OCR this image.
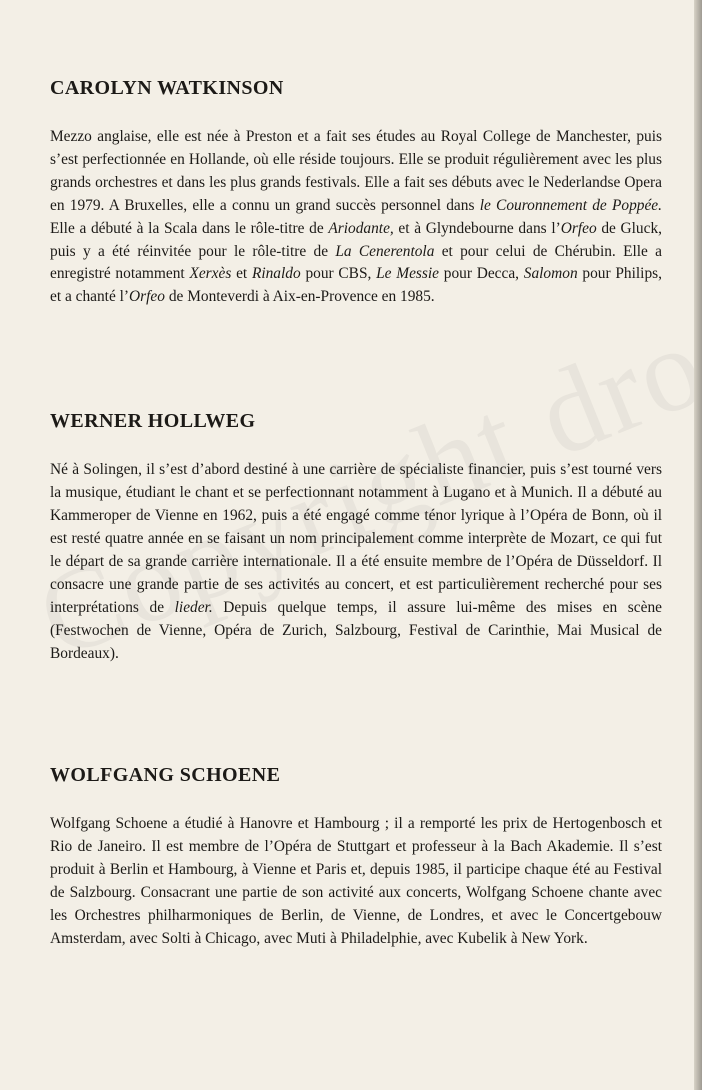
CAROLYN WATKINSON

Mezzo anglaise, elle est née à Preston et a fait ses études au Royal College de Manchester, puis s’est perfectionnée en Hollande, où elle réside toujours. Elle se produit régulièrement avec les plus grands orchestres et dans les plus grands festivals. Elle a fait ses débuts avec le Nederlandse Opera en 1979. A Bruxelles, elle a connu un grand succès personnel dans le Couronnement de Poppée. Elle a débuté à la Scala dans le rôle-titre de Ariodante, et à Glyndebourne dans l’Orfeo de Gluck, puis y a été réinvitée pour le rôle-titre de La Cenerentola et pour celui de Chérubin. Elle a enregistré notamment Xerxès et Rinaldo pour CBS, Le Messie pour Decca, Salomon pour Philips, et a chanté l’Orfeo de Monteverdi à Aix-en-Provence en 1985.

WERNER HOLLWEG

Né à Solingen, il s’est d’abord destiné à une carrière de spécialiste financier, puis s’est tourné vers la musique, étudiant le chant et se perfectionnant notamment à Lugano et à Munich. Il a débuté au Kammeroper de Vienne en 1962, puis a été engagé comme ténor lyrique à l’Opéra de Bonn, où il est resté quatre année en se faisant un nom principalement comme interprète de Mozart, ce qui fut le départ de sa grande carrière internationale. Il a été ensuite membre de l’Opéra de Düsseldorf. Il consacre une grande partie de ses activités au concert, et est particulièrement recherché pour ses interprétations de lieder. Depuis quelque temps, il assure lui-même des mises en scène (Festwochen de Vienne, Opéra de Zurich, Salzbourg, Festival de Carinthie, Mai Musical de Bordeaux).

WOLFGANG SCHOENE

Wolfgang Schoene a étudié à Hanovre et Hambourg ; il a remporté les prix de Hertogenbosch et Rio de Janeiro. Il est membre de l’Opéra de Stuttgart et professeur à la Bach Akademie. Il s’est produit à Berlin et Hambourg, à Vienne et Paris et, depuis 1985, il participe chaque été au Festival de Salzbourg. Consacrant une partie de son activité aux concerts, Wolfgang Schoene chante avec les Orchestres philharmoniques de Berlin, de Vienne, de Londres, et avec le Concertgebouw Amsterdam, avec Solti à Chicago, avec Muti à Philadelphie, avec Kubelik à New York.
